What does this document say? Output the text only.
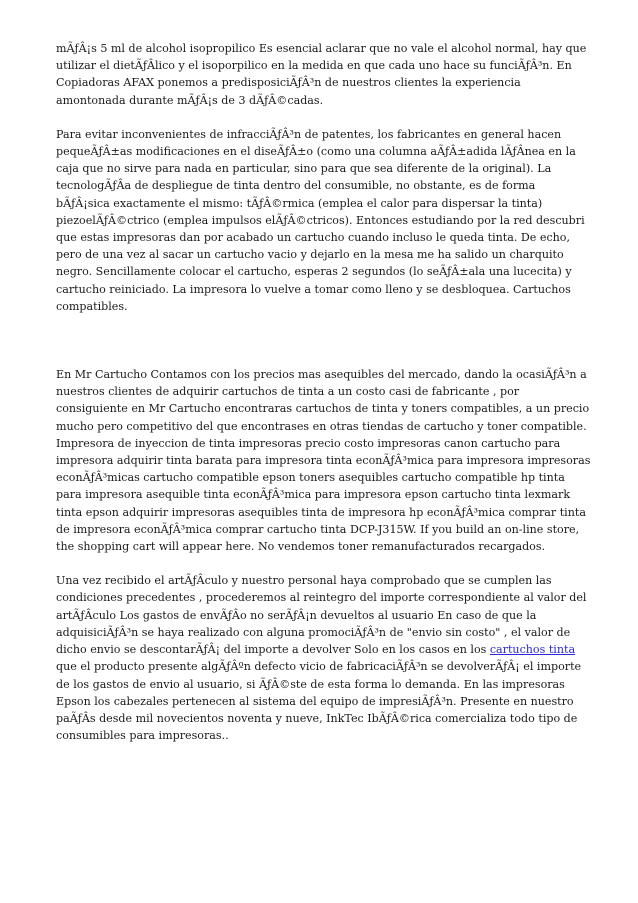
mÃƒÂ¡s 5 ml de alcohol isopropilico Es esencial aclarar que no vale el alcohol normal, hay que utilizar el dietÃƒÂlico y el isoporpilico en la medida en que cada uno hace su funciÃƒÂ³n. En Copiadoras AFAX ponemos a predisposiciÃƒÂ³n de nuestros clientes la experiencia amontonada durante mÃƒÂ¡s de 3 dÃƒÂ©cadas.

Para evitar inconvenientes de infracciÃƒÂ³n de patentes, los fabricantes en general hacen pequeÃƒÂ±as modificaciones en el diseÃƒÂ±o (como una columna aÃƒÂ±adida lÃƒÂnea en la caja que no sirve para nada en particular, sino para que sea diferente de la original). La tecnologÃƒÂa de despliegue de tinta dentro del consumible, no obstante, es de forma bÃƒÂ¡sica exactamente el mismo: tÃƒÂ©rmica (emplea el calor para dispersar la tinta) piezoelÃƒÂ©ctrico (emplea impulsos elÃƒÂ©ctricos). Entonces estudiando por la red descubri que estas impresoras dan por acabado un cartucho cuando incluso le queda tinta. De echo, pero de una vez al sacar un cartucho vacio y dejarlo en la mesa me ha salido un charquito negro. Sencillamente colocar el cartucho, esperas 2 segundos (lo seÃƒÂ±ala una lucecita) y cartucho reiniciado. La impresora lo vuelve a tomar como lleno y se desbloquea. Cartuchos compatibles.

En Mr Cartucho Contamos con los precios mas asequibles del mercado, dando la ocasiÃƒÂ³n a nuestros clientes de adquirir cartuchos de tinta a un costo casi de fabricante , por consiguiente en Mr Cartucho encontraras cartuchos de tinta y toners compatibles, a un precio mucho pero competitivo del que encontrases en otras tiendas de cartucho y toner compatible. Impresora de inyeccion de tinta impresoras precio costo impresoras canon cartucho para impresora adquirir tinta barata para impresora tinta econÃƒÂ³mica para impresora impresoras econÃƒÂ³micas cartucho compatible epson toners asequibles cartucho compatible hp tinta para impresora asequible tinta econÃƒÂ³mica para impresora epson cartucho tinta lexmark tinta epson adquirir impresoras asequibles tinta de impresora hp econÃƒÂ³mica comprar tinta de impresora econÃƒÂ³mica comprar cartucho tinta DCP-J315W. If you build an on-line store, the shopping cart will appear here. No vendemos toner remanufacturados recargados.

Una vez recibido el artÃƒÂculo y nuestro personal haya comprobado que se cumplen las condiciones precedentes , procederemos al reintegro del importe correspondiente al valor del artÃƒÂculo Los gastos de envÃƒÂo no serÃƒÂ¡n devueltos al usuario En caso de que la adquisiciÃƒÂ³n se haya realizado con alguna promociÃƒÂ³n de "envio sin costo" , el valor de dicho envio se descontarÃƒÂ¡ del importe a devolver Solo en los casos en los cartuchos tinta que el producto presente algÃƒÂºn defecto vicio de fabricaciÃƒÂ³n se devolverÃƒÂ¡ el importe de los gastos de envio al usuario, si ÃƒÂ©ste de esta forma lo demanda. En las impresoras Epson los cabezales pertenecen al sistema del equipo de impresiÃƒÂ³n. Presente en nuestro paÃƒÂs desde mil novecientos noventa y nueve, InkTec IbÃƒÂ©rica comercializa todo tipo de consumibles para impresoras..
